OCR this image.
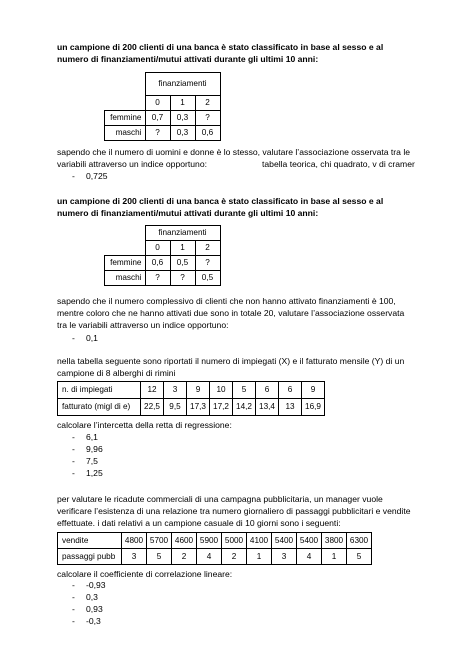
un campione di 200 clienti di una banca è stato classificato in base al sesso e al
numero di finanziamenti/mutui attivati durante gli ultimi 10 anni:
	finanziamenti		
	0	1	2
femmine	0,7	0,3	?
maschi	?	0,3	0,6
sapendo che il numero di uomini e donne è lo stesso, valutare l’associazione osservata tra le
variabili attraverso un indice opportuno:	tabella teorica, chi quadrato, v di cramer
- 0,725
un campione di 200 clienti di una banca è stato classificato in base al sesso e al
numero di finanziamenti/mutui attivati durante gli ultimi 10 anni:
	finanziamenti		
	0	1	2
femmine	0,6	0,5	?
maschi	?	?	0,5
sapendo che il numero complessivo di clienti che non hanno attivato finanziamenti è 100,
mentre coloro che ne hanno attivati due sono in totale 20, valutare l’associazione osservata
tra le variabili attraverso un indice opportuno:
- 0,1
nella tabella seguente sono riportati il numero di impiegati (X) e il fatturato mensile (Y) di un
campione di 8 alberghi di rimini
n. di impiegati	12	3	9	10	5	6	6	9
fatturato (migl di e)	22,5	9,5	17,3	17,2	14,2	13,4	13	16,9
calcolare l’intercetta della retta di regressione:
- 6,1
- 9,96
- 7,5
- 1,25
per valutare le ricadute commerciali di una campagna pubblicitaria, un manager vuole
verificare l’esistenza di una relazione tra numero giornaliero di passaggi pubblicitari e vendite
effettuate. i dati relativi a un campione casuale di 10 giorni sono i seguenti:
vendite	4800	5700	4600	5900	5000	4100	5400	5400	3800	6300
passaggi pubb	3	5	2	4	2	1	3	4	1	5
calcolare il coefficiente di correlazione lineare:
- -0,93
- 0,3
- 0,93
- -0,3
